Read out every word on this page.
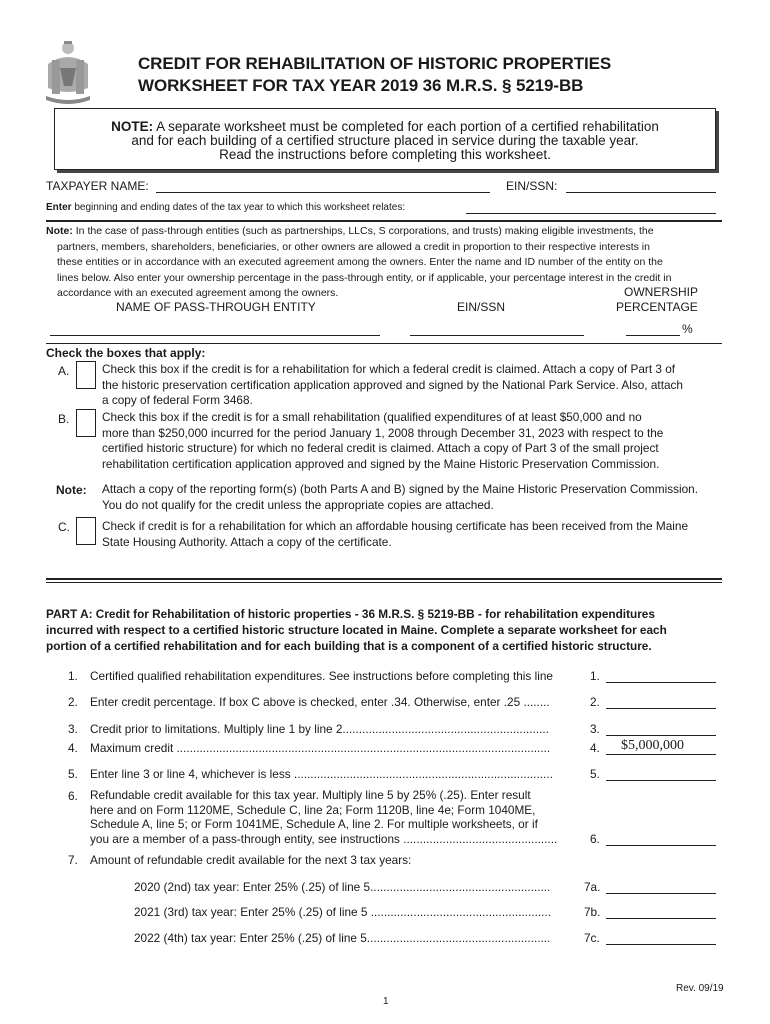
CREDIT FOR REHABILITATION OF HISTORIC PROPERTIES
WORKSHEET FOR TAX YEAR 2019 36 M.R.S. § 5219-BB
NOTE: A separate worksheet must be completed for each portion of a certified rehabilitation
and for each building of a certified structure placed in service during the taxable year.
Read the instructions before completing this worksheet.
TAXPAYER NAME:	EIN/SSN:
Enter beginning and ending dates of the tax year to which this worksheet relates:
Note: In the case of pass-through entities (such as partnerships, LLCs, S corporations, and trusts) making eligible investments, the
partners, members, shareholders, beneficiaries, or other owners are allowed a credit in proportion to their respective interests in
these entities or in accordance with an executed agreement among the owners. Enter the name and ID number of the entity on the
lines below. Also enter your ownership percentage in the pass-through entity, or if applicable, your percentage interest in the credit in
accordance with an executed agreement among the owners.
NAME OF PASS-THROUGH ENTITY	EIN/SSN
OWNERSHIP
PERCENTAGE
%
Check the boxes that apply:
A.	Check this box if the credit is for a rehabilitation for which a federal credit is claimed. Attach a copy of Part 3 of
the historic preservation certification application approved and signed by the National Park Service. Also, attach
a copy of federal Form 3468.
B.	Check this box if the credit is for a small rehabilitation (qualified expenditures of at least $50,000 and no
more than $250,000 incurred for the period January 1, 2008 through December 31, 2023 with respect to the
certified historic structure) for which no federal credit is claimed. Attach a copy of Part 3 of the small project
rehabilitation certification application approved and signed by the Maine Historic Preservation Commission.
Note: Attach a copy of the reporting form(s) (both Parts A and B) signed by the Maine Historic Preservation Commission.
You do not qualify for the credit unless the appropriate copies are attached.
C.	Check if credit is for a rehabilitation for which an affordable housing certificate has been received from the Maine
State Housing Authority. Attach a copy of the certificate.
PART A: Credit for Rehabilitation of historic properties - 36 M.R.S. § 5219-BB - for rehabilitation expenditures
incurred with respect to a certified historic structure located in Maine. Complete a separate worksheet for each
portion of a certified rehabilitation and for each building that is a component of a certified historic structure.
1. Certified qualified rehabilitation expenditures. See instructions before completing this line	1.
2. Enter credit percentage. If box C above is checked, enter .34. Otherwise, enter .25 ........	2.
3. Credit prior to limitations. Multiply line 1 by line 2...............................................................	3.
4. Maximum credit ..................................................................................................................	4. $5,000,000
5. Enter line 3 or line 4, whichever is less ...............................................................................	5.
6. Refundable credit available for this tax year. Multiply line 5 by 25% (.25). Enter result
here and on Form 1120ME, Schedule C, line 2a; Form 1120B, line 4e; Form 1040ME,
Schedule A, line 5; or Form 1041ME, Schedule A, line 2. For multiple worksheets, or if
you are a member of a pass-through entity, see instructions ...............................................	6.
7. Amount of refundable credit available for the next 3 tax years:
2020 (2nd) tax year: Enter 25% (.25) of line 5.......................................................	7a.
2021 (3rd) tax year: Enter 25% (.25) of line 5 .......................................................	7b.
2022 (4th) tax year: Enter 25% (.25) of line 5........................................................	7c.
Rev. 09/19
1
